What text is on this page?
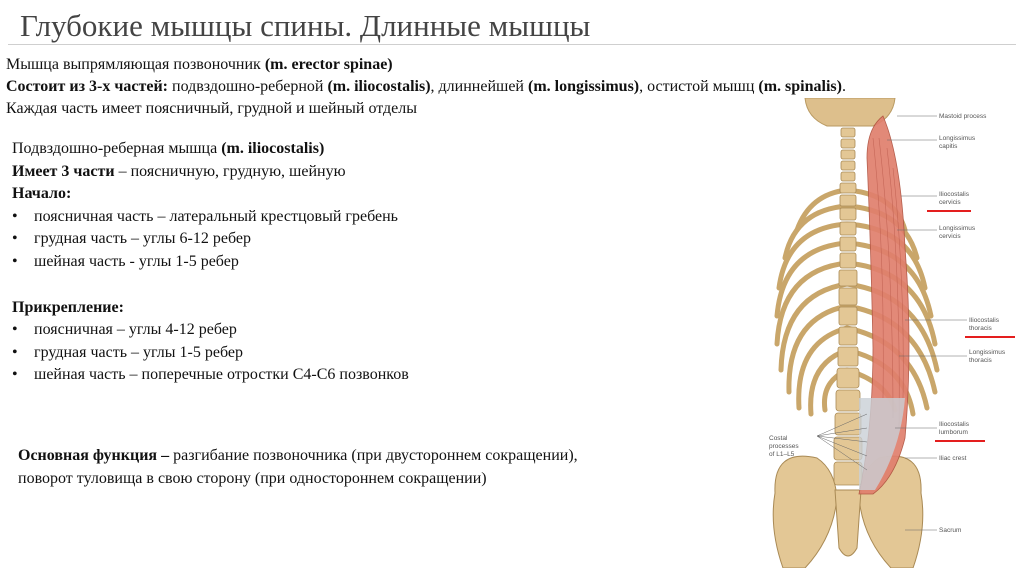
Глубокие мышцы спины. Длинные мышцы
Мышца выпрямляющая позвоночник (m. erector spinae)
Состоит из 3-х частей: подвздошно-реберной (m. iliocostalis), длиннейшей (m. longissimus), остистой мышц (m. spinalis).
Каждая часть имеет поясничный, грудной и шейный отделы
Подвздошно-реберная мышца (m. iliocostalis)
Имеет 3 части – поясничную, грудную, шейную
Начало:
• поясничная часть – латеральный крестцовый гребень
• грудная часть – углы 6-12 ребер
• шейная часть - углы 1-5 ребер
Прикрепление:
• поясничная – углы 4-12 ребер
• грудная часть – углы 1-5 ребер
• шейная часть – поперечные отростки С4-С6 позвонков
Основная функция – разгибание позвоночника (при двустороннем сокращении), поворот туловища в свою сторону (при одностороннем сокращении)
Mastoid process
Longissimus
capitis
Iliocostalis
cervicis
Longissimus
cervicis
Iliocostalis
thoracis
Longissimus
thoracis
Iliocostalis
lumborum
Iliac crest
Costal
processes
of L1–L5
Sacrum
